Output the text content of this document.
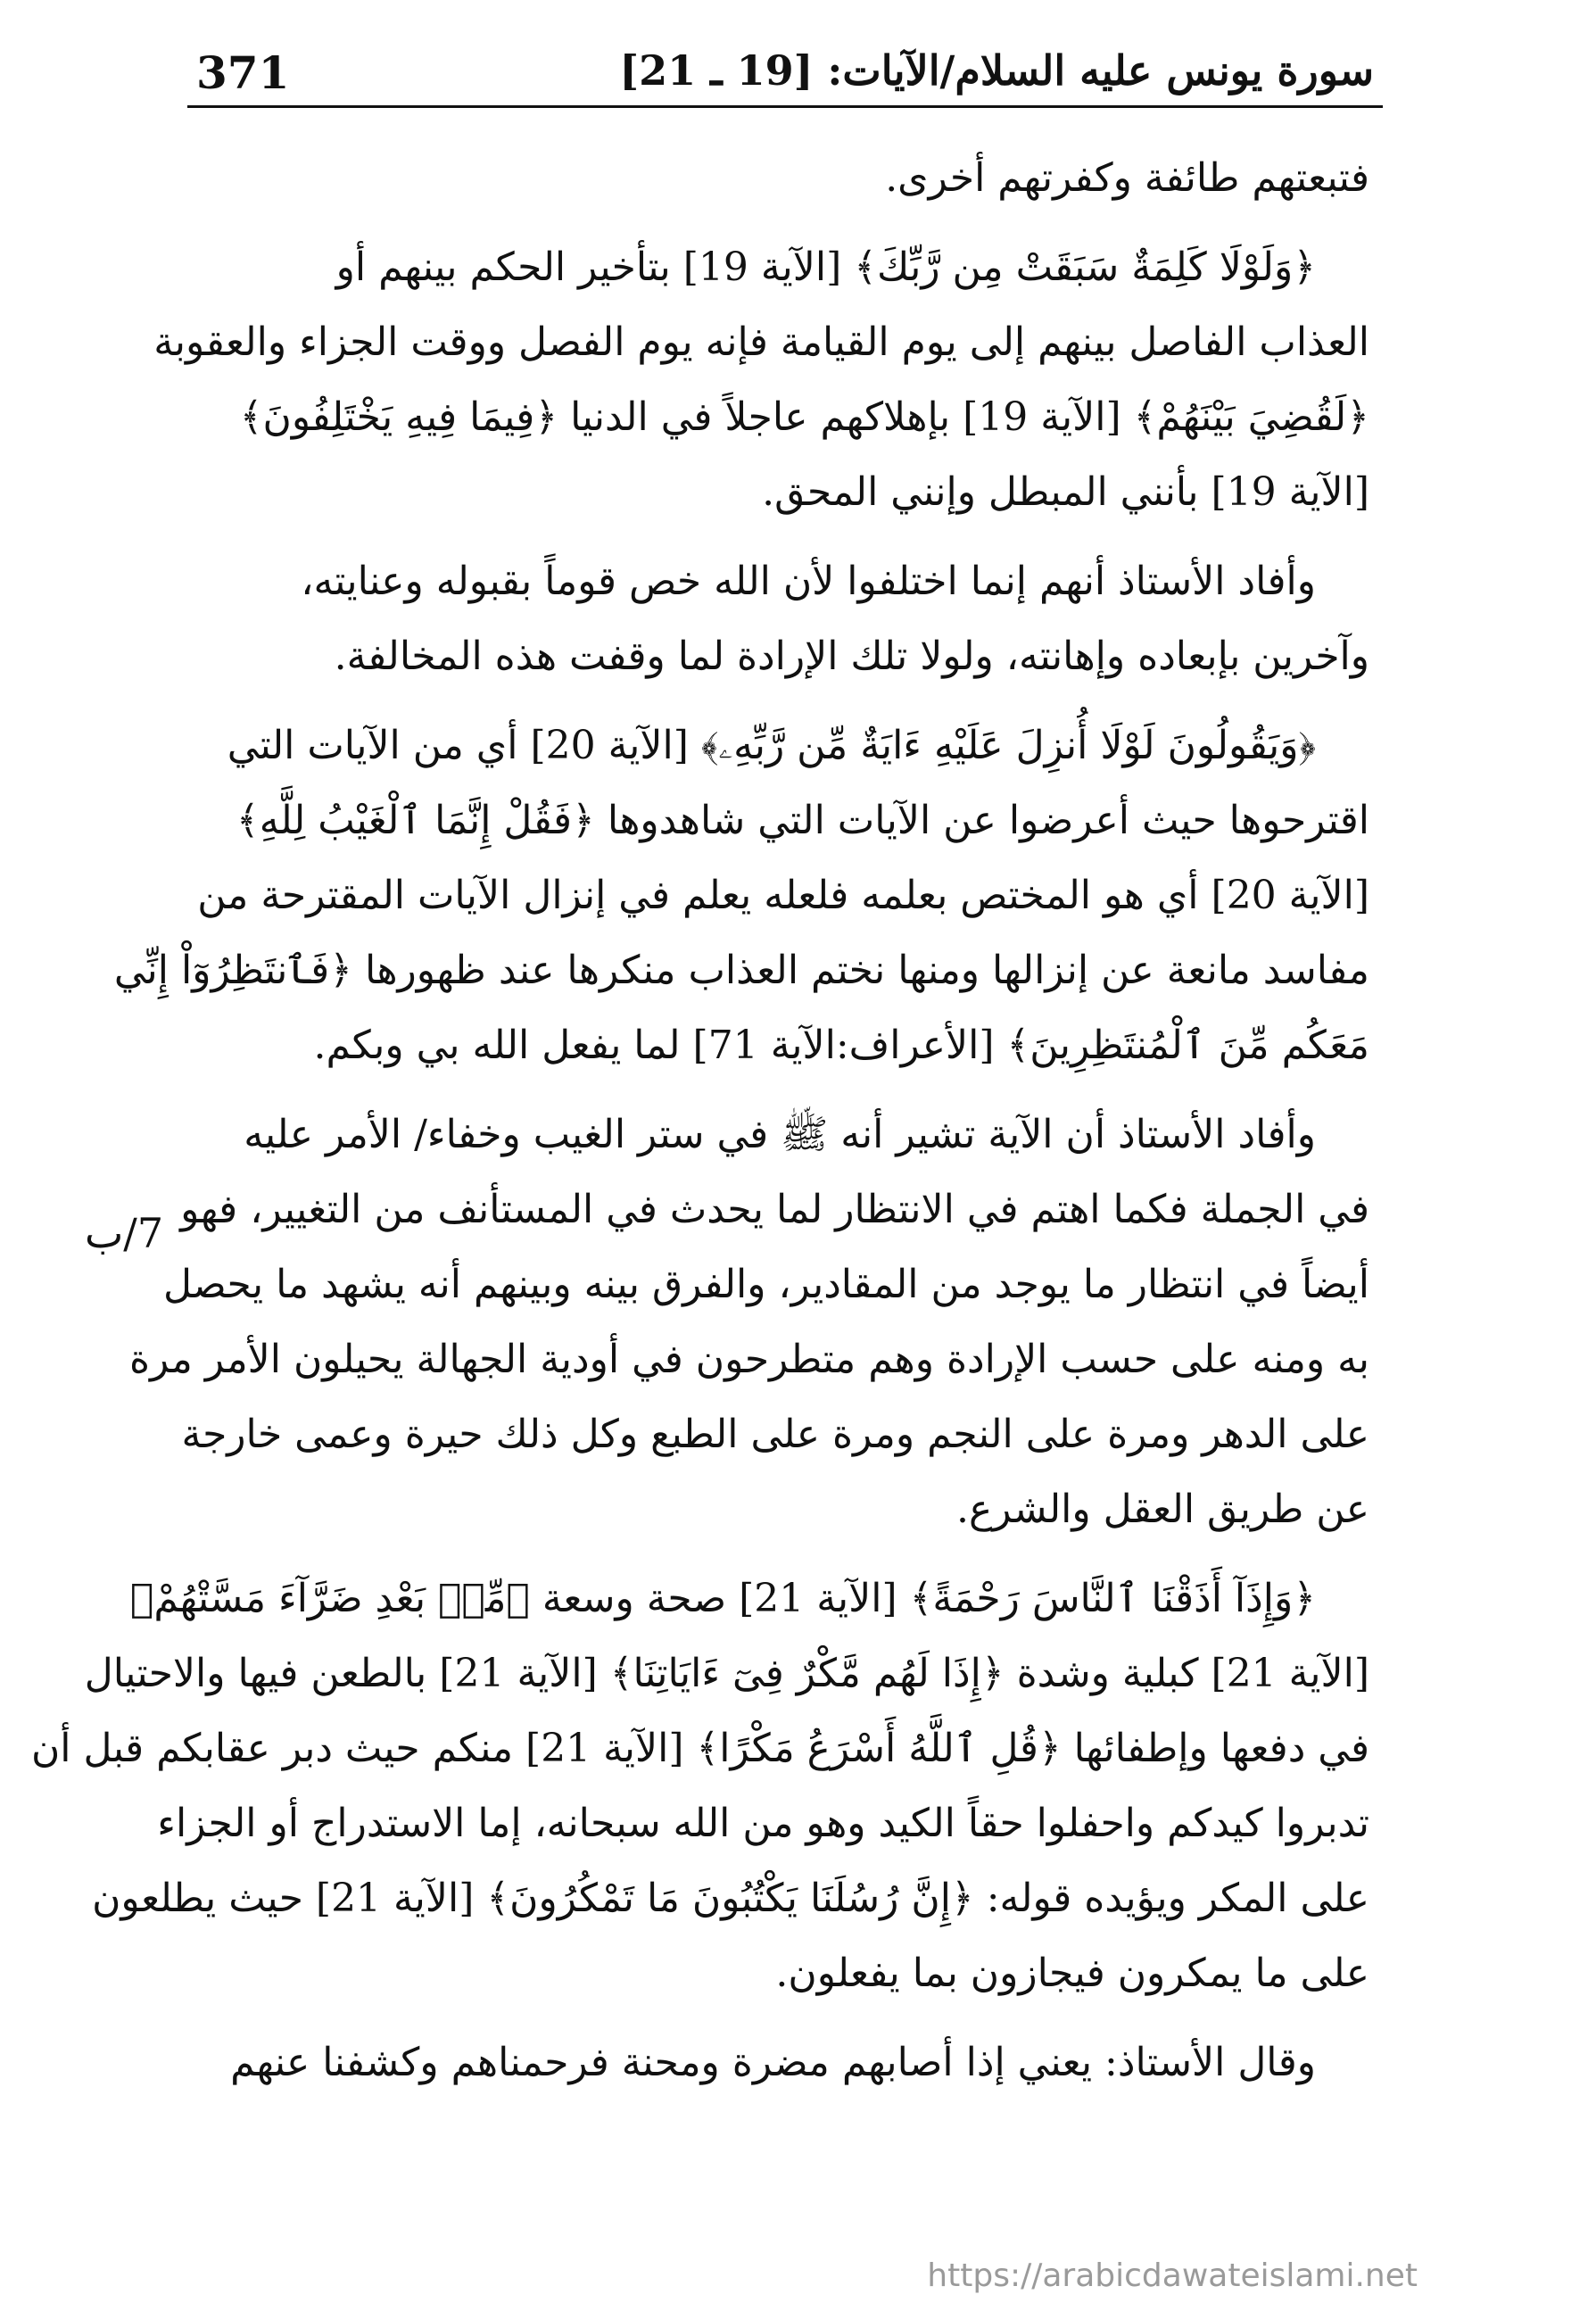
371	سورة يونس عليه السلام/الآيات: [19 ـ 21]
7/ب
فتبعتهم طائفة وكفرتهم أخرى.
﴿وَلَوْلَا كَلِمَةٌ سَبَقَتْ مِن رَّبِّكَ﴾ [الآية 19] بتأخير الحكم بينهم أو
العذاب الفاصل بينهم إلى يوم القيامة فإنه يوم الفصل ووقت الجزاء والعقوبة
﴿لَقُضِيَ بَيْنَهُمْ﴾ [الآية 19] بإهلاكهم عاجلاً في الدنيا ﴿فِيمَا فِيهِ يَخْتَلِفُونَ﴾
[الآية 19] بأنني المبطل وإنني المحق.
وأفاد الأستاذ أنهم إنما اختلفوا لأن الله خص قوماً بقبوله وعنايته،
وآخرين بإبعاده وإهانته، ولولا تلك الإرادة لما وقفت هذه المخالفة.
﴿وَيَقُولُونَ لَوْلَا أُنزِلَ عَلَيْهِ ءَايَةٌ مِّن رَّبِّهِۦ﴾ [الآية 20] أي من الآيات التي
اقترحوها حيث أعرضوا عن الآيات التي شاهدوها ﴿فَقُلْ إِنَّمَا ٱلْغَيْبُ لِلَّهِ﴾
[الآية 20] أي هو المختص بعلمه فلعله يعلم في إنزال الآيات المقترحة من
مفاسد مانعة عن إنزالها ومنها نختم العذاب منكرها عند ظهورها ﴿فَٱنتَظِرُوٓاْ إِنِّي
مَعَكُم مِّنَ ٱلْمُنتَظِرِينَ﴾ [الأعراف:الآية 71] لما يفعل الله بي وبكم.
وأفاد الأستاذ أن الآية تشير أنه ﷺ في ستر الغيب وخفاء/ الأمر عليه
في الجملة فكما اهتم في الانتظار لما يحدث في المستأنف من التغيير، فهو
أيضاً في انتظار ما يوجد من المقادير، والفرق بينه وبينهم أنه يشهد ما يحصل
به ومنه على حسب الإرادة وهم متطرحون في أودية الجهالة يحيلون الأمر مرة
على الدهر ومرة على النجم ومرة على الطبع وكل ذلك حيرة وعمى خارجة
عن طريق العقل والشرع.
﴿وَإِذَآ أَذَقْنَا ٱلنَّاسَ رَحْمَةً﴾ [الآية 21] صحة وسعة ﴿مِّنۢ بَعْدِ ضَرَّآءَ مَسَّتْهُمْ﴾
[الآية 21] كبلية وشدة ﴿إِذَا لَهُم مَّكْرٌ فِىٓ ءَايَاتِنَا﴾ [الآية 21] بالطعن فيها والاحتيال
في دفعها وإطفائها ﴿قُلِ ٱللَّهُ أَسْرَعُ مَكْرًا﴾ [الآية 21] منكم حيث دبر عقابكم قبل أن
تدبروا كيدكم واحفلوا حقاً الكيد وهو من الله سبحانه، إما الاستدراج أو الجزاء
على المكر ويؤيده قوله: ﴿إِنَّ رُسُلَنَا يَكْتُبُونَ مَا تَمْكُرُونَ﴾ [الآية 21] حيث يطلعون
على ما يمكرون فيجازون بما يفعلون.
وقال الأستاذ: يعني إذا أصابهم مضرة ومحنة فرحمناهم وكشفنا عنهم
https://arabicdawateislami.net
